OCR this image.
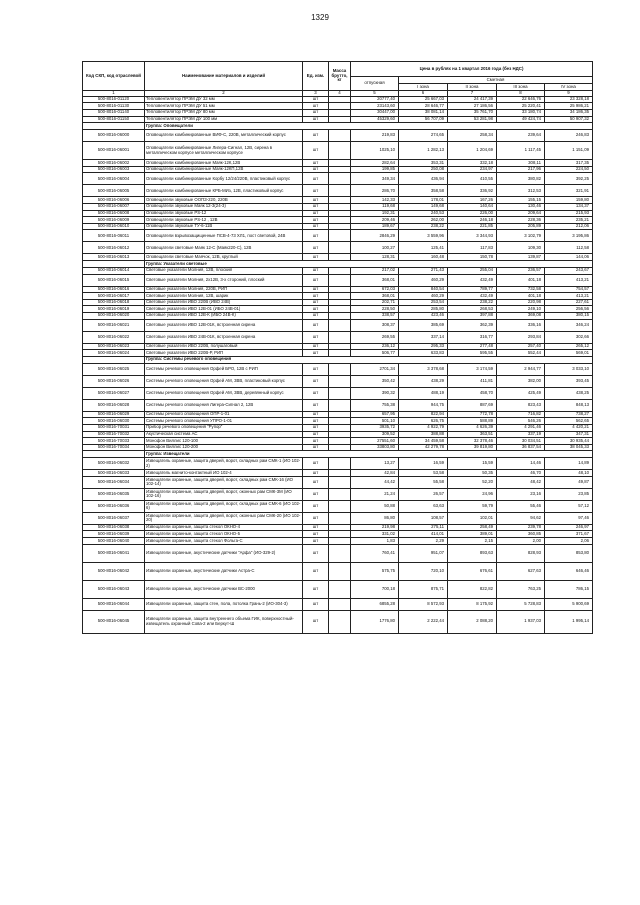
1329
Код СКП, код отраслевой	Наименование материалов и изделий	Ед. изм.	Масса брутто, кг	Цена в рублях на 1 квартал 2016 года (без НДС)				
				отпускная	Сметная			
					I зона	II зона	III зона	IV зона
1	2	3	4	5	6	7	8	9
500-8016-01120	Тепловентилятор ПРЭМ ДУ 32 мм	шт		20777,40	25 667,03	24 417,39	22 646,76	23 328,18
500-8016-01130	Тепловентилятор ПРЭМ ДУ 51 мм	шт		23143,60	28 646,77	27 186,56	25 220,41	25 986,21
500-8016-01140	Тепловентилятор ПРЭМ ДУ 80 мм	шт		30447,00	38 081,14	35 761,70	33 180,74	34 186,35
500-8016-01150	Тепловентилятор ПРЭМ ДУ 100 мм	шт		45329,60	56 707,09	53 281,98	49 424,74	50 907,32
	Группа: Оповещатели							
500-8016-06000	Оповещатели комбинированные ВИФ-С, 220В, металлический корпус	шт		219,83	274,65	258,34	239,64	246,83
500-8016-06001	Оповещатели комбинированные Лигера-Сигнал, 12В, сирена в металлическом корпусе металлическом корпусе	шт		1025,10	1 282,13	1 204,69	1 117,45	1 151,09
500-8016-06002	Оповещатели комбинированные Маяк-12К,12В	шт		282,64	353,31	332,18	308,11	317,35
500-8016-06003	Оповещатели комбинированные Маяк-12КП,12В	шт		199,85	250,08	234,97	217,96	224,50
500-8016-06004	Оповещатели комбинированные Корбу 12/24/220В, пластиковый корпус	шт		349,34	436,94	410,55	380,82	392,25
500-8016-06005	Оповещатели комбинированные КРБ-МИз, 12В, пластиковый корпус	шт		286,70	358,58	336,92	312,53	321,91
500-8016-06006	Оповещатели звуковые ООПЗ-220, 220В	шт		142,33	178,01	167,26	155,15	159,80
500-8016-06007	Оповещатели звуковые Маяк 12-3(24-3)	шт		119,68	149,68	140,64	130,46	134,37
500-8016-06008	Оповещатели звуковые PS-12	шт		192,31	240,53	226,00	209,64	215,93
500-8016-06009	Оповещатели звуковые PS-12 , 12В	шт		209,46	262,00	246,18	228,36	235,21
500-8016-06010	Оповещатели звуковые ТУ-6-11В	шт		189,67	238,22	221,85	205,89	212,06
500-8016-06011	Оповещатели взрывозащищенные ПСВ-4-73 ХЛ1, пост световой, 24В	шт		2846,29	3 559,96	3 344,93	3 102,79	3 195,86
500-8016-06012	Оповещатели световые Маяк 12-С (Маяк220-С), 12В	шт		100,27	125,41	117,83	109,30	112,58
500-8016-06013	Оповещатели световые Маячок, 12В, круглый	шт		128,31	160,48	150,78	139,87	144,06
	Группа: Указатели световые							
500-8016-06014	Световые указатели Молния, 12В, плоский	шт		217,02	271,43	255,04	236,57	243,67
500-8016-06015	Световые указатели Молния, 2x12В, 3-х стороний, плоский	шт		368,01	460,29	432,49	401,18	413,21
500-8016-06016	Световые указатели Молния, 220В, РИП	шт		672,03	840,54	789,77	732,58	754,57
500-8016-06017	Световые указатели Молния, 12В, шарик	шт		368,01	460,29	432,49	401,18	413,21
500-8016-06018	Световые указатели ИВО 220В (ИВО 24В)	шт		202,71	253,54	238,22	220,98	227,61
500-8016-06019	Световые указатели ИВО 12В-01 (ИБО 24В-01)	шт		228,50	285,80	268,53	249,10	256,56
500-8016-06020	Световые указатели ИВО 12В-К (ИБО 24В-К)	шт		338,57	423,46	397,88	369,08	380,15
500-8016-06021	Световые указатели ИВО 12В-01К, встроенная сирена	шт		308,37	385,69	362,39	336,16	346,24
500-8016-06022	Световые указатели ИВО 24В-01К, встроенная сирена	шт		269,55	337,14	316,77	293,84	302,66
500-8016-06023	Световые указатели ИВО 220В, полушаговый	шт		236,12	295,33	277,48	257,40	265,12
500-8016-06024	Световые указатели ИВО 220В-Р, РИП	шт		506,77	633,83	595,55	552,44	569,01
	Группа: Системы речевого оповещения							
500-8016-06025	Системы речевого оповещения Орфей БРО, 12В с РИП	шт		2701,34	3 378,68	3 174,59	2 944,77	3 033,10
500-8016-06026	Системы речевого оповещения Орфей АМ, 3ВВ, пластиковый корпус	шт		350,42	438,29	411,81	382,00	393,45
500-8016-06027	Системы речевого оповещения Орфей АМ, 3ВВ, деревянный корпус	шт		390,32	488,19	458,70	425,49	438,25
500-8016-06028	Системы речевого оповещения Лигера-Сигнал 2, 12В	шт		755,38	944,75	887,69	823,43	848,13
500-8016-06029	Системы речевого оповещения ОПР-1-01	шт		657,95	822,94	772,78	716,82	738,27
500-8016-06030	Системы речевого оповещения УПРО-1-01	шт		501,10	626,75	588,89	546,26	562,65
500-8016-70031	Прибор речевого оповещения "Рупор"	шт		3935,72	4 922,79	4 626,39	4 291,46	4 420,21
500-8016-70032	Акустическая система АС	шт		309,52	388,88	363,51	337,19	347,31
500-8016-70033	Монофон Виллис 120-100	шт		27551,60	34 459,58	32 378,46	30 034,51	30 935,44
500-8016-70034	Монофон Виллис 120-200	шт		33803,80	42 279,78	39 819,80	36 837,54	38 045,33
	Группа: Извещатели							
500-8016-06032	Извещатель охранные, защита дверей, ворот, складных рам СМК-1 (ИО 102-2)	шт		13,27	16,59	15,59	14,46	14,89
500-8016-06033	Извещатель магнито-контактный ИО 102-4	шт		42,84	53,58	50,35	46,70	48,10
500-8016-06034	Извещатели охранные, защита дверей, ворот, складных рам СМК-16 (ИО 102-14)	шт		44,42	55,58	52,20	48,42	49,87
500-8016-06035	Извещатели охранные, защита дверей, ворот, оконных рам СМК-3М (ИО 102-16)	шт		21,24	26,57	24,96	23,16	23,85
500-8016-06036	Извещатели охранные, защита дверей, ворот, складных рам СМК-6 (ИО 102-6)	шт		50,88	63,63	59,79	55,46	57,12
500-8016-06037	Извещатели охранные, защита дверей, ворот, оконных рам СМК-20 (ИО 102-20)	шт		86,80	108,57	102,01	94,62	97,46
500-8016-06038	Извещатели охранные, защита стекол ОКНО-4	шт		219,98	275,11	258,49	239,78	246,97
500-8016-06039	Извещатели охранные, защита стекол ОКНО-5	шт		331,02	414,01	389,01	360,85	371,67
500-8016-06040	Извещатели охранные, защита стекол Фольга-С	шт		1,83	2,29	2,15	2,00	2,06
500-8016-06041	Извещатели охранные, акустические датчики "Арфа" (ИО-329-2)	шт		760,41	951,07	893,63	828,93	853,80
500-8016-06042	Извещатели охранные, акустические датчики Астра-С	шт		575,75	720,10	676,61	627,63	646,46
500-8016-06043	Извещатели охранные, акустические датчики ВС-2000	шт		700,18	875,71	822,82	763,25	786,15
500-8016-06044	Извещатели охранные, защита стен, пола, потолка Грань-2 (ИО-304-3)	шт		6855,28	8 572,93	8 175,92	5 728,83	5 900,69
500-8016-06045	Извещатели охранные, защита внутреннего объема ГИК, поверхностный-извещатель охранный Сова-2 или Беркут-Ш	шт		1776,80	2 222,44	2 088,20	1 937,03	1 995,14
